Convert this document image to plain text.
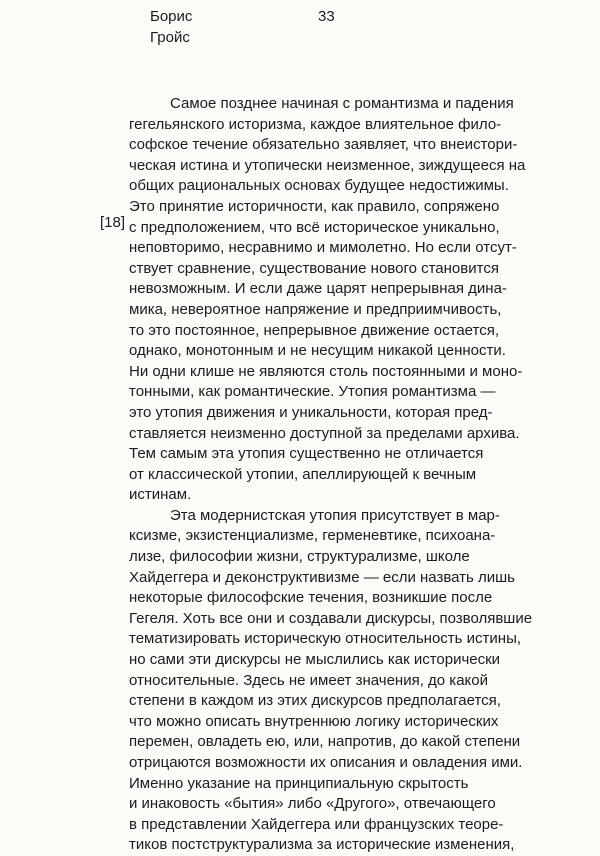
Борис
Гройс
33
[18]
Самое позднее начиная с романтизма и падения
гегельянского историзма, каждое влиятельное фило-
софское течение обязательно заявляет, что внеистори-
ческая истина и утопически неизменное, зиждущееся на
общих рациональных основах будущее недостижимы.
Это принятие историчности, как правило, сопряжено
с предположением, что всё историческое уникально,
неповторимо, несравнимо и мимолетно. Но если отсут-
ствует сравнение, существование нового становится
невозможным. И если даже царят непрерывная дина-
мика, невероятное напряжение и предприимчивость,
то это постоянное, непрерывное движение остается,
однако, монотонным и не несущим никакой ценности.
Ни одни клише не являются столь постоянными и моно-
тонными, как романтические. Утопия романтизма —
это утопия движения и уникальности, которая пред-
ставляется неизменно доступной за пределами архива.
Тем самым эта утопия существенно не отличается
от классической утопии, апеллирующей к вечным
истинам.
Эта модернистская утопия присутствует в мар-
ксизме, экзистенциализме, герменевтике, психоана-
лизе, философии жизни, структурализме, школе
Хайдеггера и деконструктивизме — если назвать лишь
некоторые философские течения, возникшие после
Гегеля. Хоть все они и создавали дискурсы, позволявшие
тематизировать историческую относительность истины,
но сами эти дискурсы не мыслились как исторически
относительные. Здесь не имеет значения, до какой
степени в каждом из этих дискурсов предполагается,
что можно описать внутреннюю логику исторических
перемен, овладеть ею, или, напротив, до какой степени
отрицаются возможности их описания и овладения ими.
Именно указание на принципиальную скрытость
и инаковость «бытия» либо «Другого», отвечающего
в представлении Хайдеггера или французских теоре-
тиков постструктурализма за исторические изменения,
